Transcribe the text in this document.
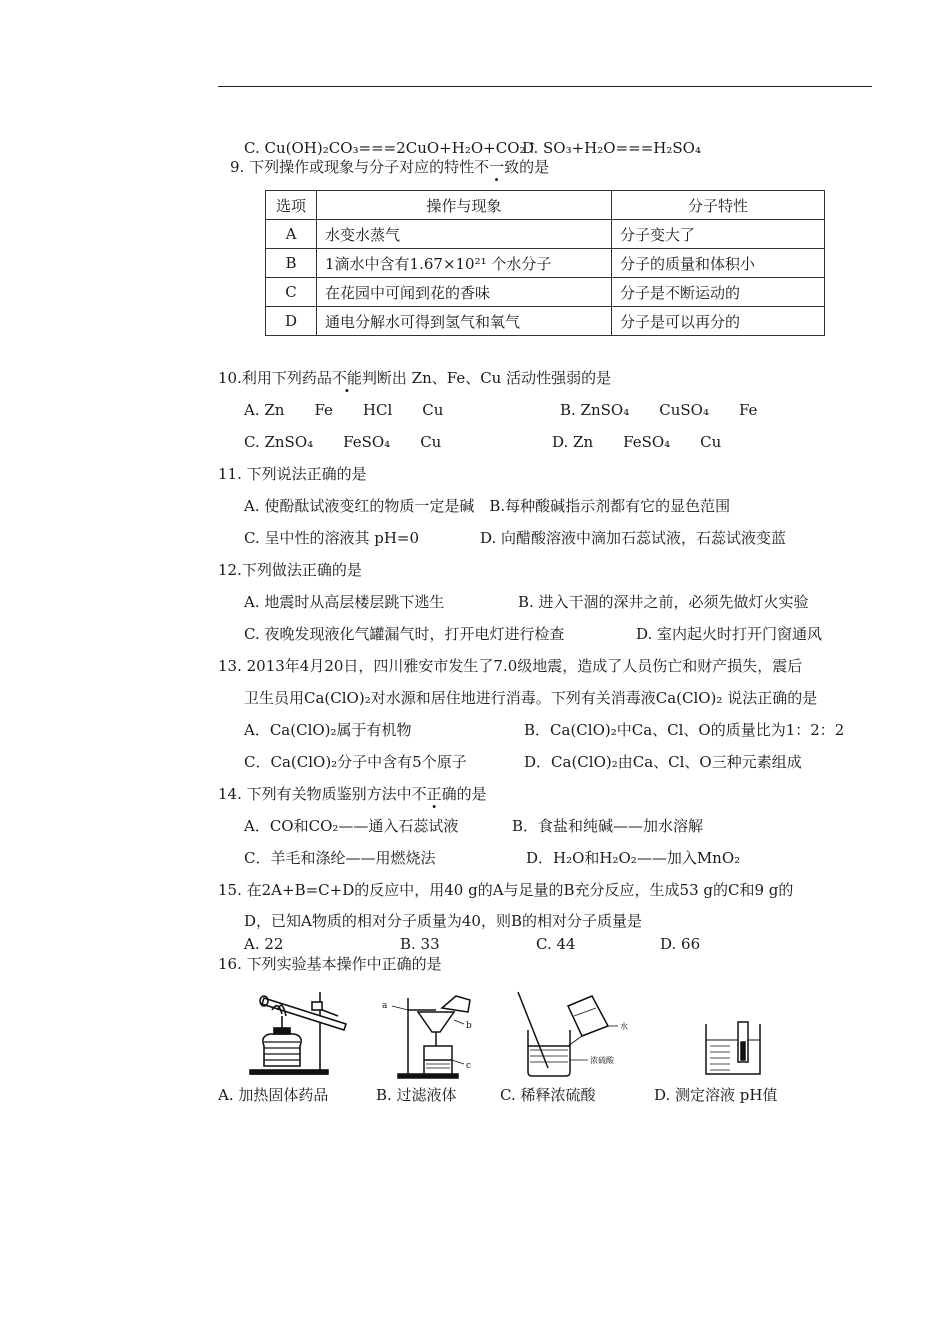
C. Cu(OH)₂CO₃===2CuO+H₂O+CO₂↑
D. SO₃+H₂O===H₂SO₄
9. 下列操作或现象与分子对应的特性不一致的是
选项	操作与现象	分子特性
A	水变水蒸气	分子变大了
B	1滴水中含有1.67×10²¹ 个水分子	分子的质量和体积小
C	在花园中可闻到花的香味	分子是不断运动的
D	通电分解水可得到氢气和氧气	分子是可以再分的
10.利用下列药品不能判断出 Zn、Fe、Cu 活动性强弱的是
A. Zn　　Fe　　HCl　　Cu	B. ZnSO₄　　CuSO₄　　Fe
C. ZnSO₄　　FeSO₄　　Cu	D. Zn　　FeSO₄　　Cu
11. 下列说法正确的是
A. 使酚酞试液变红的物质一定是碱　B.每种酸碱指示剂都有它的显色范围
C. 呈中性的溶液其 pH=0	D. 向醋酸溶液中滴加石蕊试液，石蕊试液变蓝
12.下列做法正确的是
A. 地震时从高层楼层跳下逃生	B. 进入干涸的深井之前，必须先做灯火实验
C. 夜晚发现液化气罐漏气时，打开电灯进行检查	D. 室内起火时打开门窗通风
13. 2013年4月20日，四川雅安市发生了7.0级地震，造成了人员伤亡和财产损失，震后
卫生员用Ca(ClO)₂对水源和居住地进行消毒。下列有关消毒液Ca(ClO)₂ 说法正确的是
A．Ca(ClO)₂属于有机物	B．Ca(ClO)₂中Ca、Cl、O的质量比为1：2：2
C．Ca(ClO)₂分子中含有5个原子	D．Ca(ClO)₂由Ca、Cl、O三种元素组成
14. 下列有关物质鉴别方法中不正确的是
A．CO和CO₂——通入石蕊试液	B．食盐和纯碱——加水溶解
C．羊毛和涤纶——用燃烧法	D．H₂O和H₂O₂——加入MnO₂
15. 在2A+B=C+D的反应中，用40 g的A与足量的B充分反应，生成53 g的C和9 g的
D，已知A物质的相对分子质量为40，则B的相对分子质量是
A. 22	B. 33	C. 44	D. 66
16. 下列实验基本操作中正确的是
a
b
c
水
浓硫酸
A. 加热固体药品	B. 过滤液体	C. 稀释浓硫酸	D. 测定溶液 pH值
